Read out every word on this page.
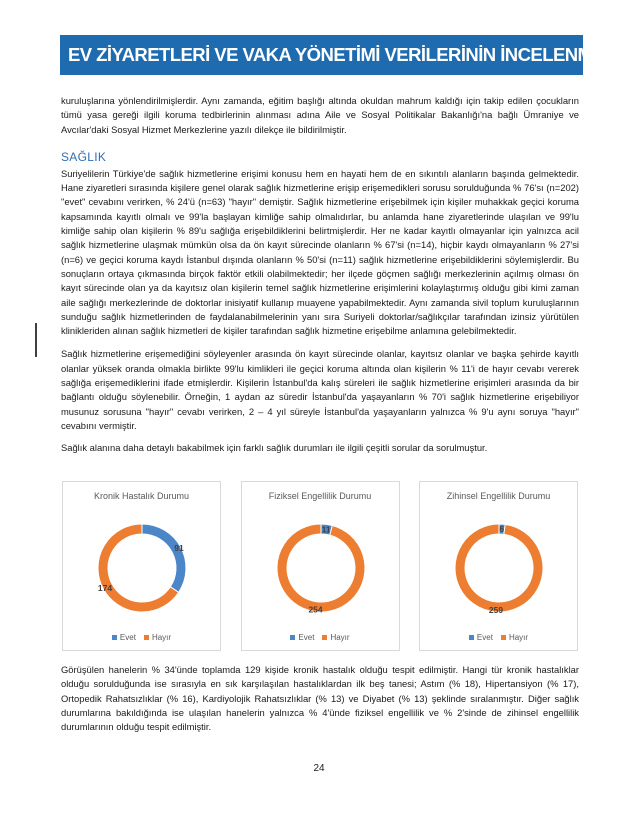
EV ZİYARETLERİ VE VAKA YÖNETİMİ VERİLERİNİN İNCELENMESİ

kuruluşlarına yönlendirilmişlerdir. Aynı zamanda, eğitim başlığı altında okuldan mahrum kaldığı için takip edilen çocukların tümü yasa gereği ilgili koruma tedbirlerinin alınması adına Aile ve Sosyal Politikalar Bakanlığı'na bağlı Ümraniye ve Avcılar'daki Sosyal Hizmet Merkezlerine yazılı dilekçe ile bildirilmiştir.

SAĞLIK

Suriyelilerin Türkiye'de sağlık hizmetlerine erişimi konusu hem en hayati hem de en sıkıntılı alanların başında gelmektedir. Hane ziyaretleri sırasında kişilere genel olarak sağlık hizmetlerine erişip erişemedikleri sorusu sorulduğunda % 76'sı (n=202) "evet" cevabını verirken, % 24'ü (n=63) "hayır" demiştir. Sağlık hizmetlerine erişebilmek için kişiler muhakkak geçici koruma kapsamında kayıtlı olmalı ve 99'la başlayan kimliğe sahip olmalıdırlar, bu anlamda hane ziyaretlerinde ulaşılan ve 99'lu kimliğe sahip olan kişilerin % 89'u sağlığa erişebildiklerini belirtmişlerdir. Her ne kadar kayıtlı olmayanlar için yalnızca acil sağlık hizmetlerine ulaşmak mümkün olsa da ön kayıt sürecinde olanların % 67'si (n=14), hiçbir kaydı olmayanların % 27'si (n=6) ve geçici koruma kaydı İstanbul dışında olanların % 50'si (n=11) sağlık hizmetlerine erişebildiklerini söylemişlerdir. Bu sonuçların ortaya çıkmasında birçok faktör etkili olabilmektedir; her ilçede göçmen sağlığı merkezlerinin açılmış olması ön kayıt sürecinde olan ya da kayıtsız olan kişilerin temel sağlık hizmetlerine erişimlerini kolaylaştırmış olduğu gibi kimi zaman aile sağlığı merkezlerinde de doktorlar inisiyatif kullanıp muayene yapabilmektedir. Aynı zamanda sivil toplum kuruluşlarının sunduğu sağlık hizmetlerinden de faydalanabilmelerinin yanı sıra Suriyeli doktorlar/sağlıkçılar tarafından izinsiz yürütülen klinikleriden alınan sağlık hizmetleri de kişiler tarafından sağlık hizmetine erişebilme anlamına gelebilmektedir.

Sağlık hizmetlerine erişemediğini söyleyenler arasında ön kayıt sürecinde olanlar, kayıtsız olanlar ve başka şehirde kayıtlı olanlar yüksek oranda olmakla birlikte 99'lu kimlikleri ile geçici koruma altında olan kişilerin % 11'i de hayır cevabı vererek sağlığa erişemediklerini ifade etmişlerdir. Kişilerin İstanbul'da kalış süreleri ile sağlık hizmetlerine erişimleri arasında da bir bağlantı olduğu söylenebilir. Örneğin, 1 aydan az süredir İstanbul'da yaşayanların % 70'i sağlık hizmetlerine erişebiliyor musunuz sorusuna "hayır" cevabı verirken, 2 – 4 yıl süreyle İstanbul'da yaşayanların yalnızca % 9'u aynı soruya "hayır" cevabını vermiştir.

Sağlık alanına daha detaylı bakabilmek için farklı sağlık durumları ile ilgili çeşitli sorular da sorulmuştur.

Kronik Hastalık Durumu
91
174
Evet Hayır
Fiziksel Engellilik Durumu
11
254
Evet Hayır
Zihinsel Engellilik Durumu
6
259
Evet Hayır

Görüşülen hanelerin % 34'ünde toplamda 129 kişide kronik hastalık olduğu tespit edilmiştir. Hangi tür kronik hastalıklar olduğu sorulduğunda ise sırasıyla en sık karşılaşılan hastalıklardan ilk beş tanesi; Astım (% 18), Hipertansiyon (% 17), Ortopedik Rahatsızlıklar (% 16), Kardiyolojik Rahatsızlıklar (% 13) ve Diyabet (% 13) şeklinde sıralanmıştır. Diğer sağlık durumlarına bakıldığında ise ulaşılan hanelerin yalnızca % 4'ünde fiziksel engellilik ve % 2'sinde de zihinsel engellilik durumlarının olduğu tespit edilmiştir.

24
